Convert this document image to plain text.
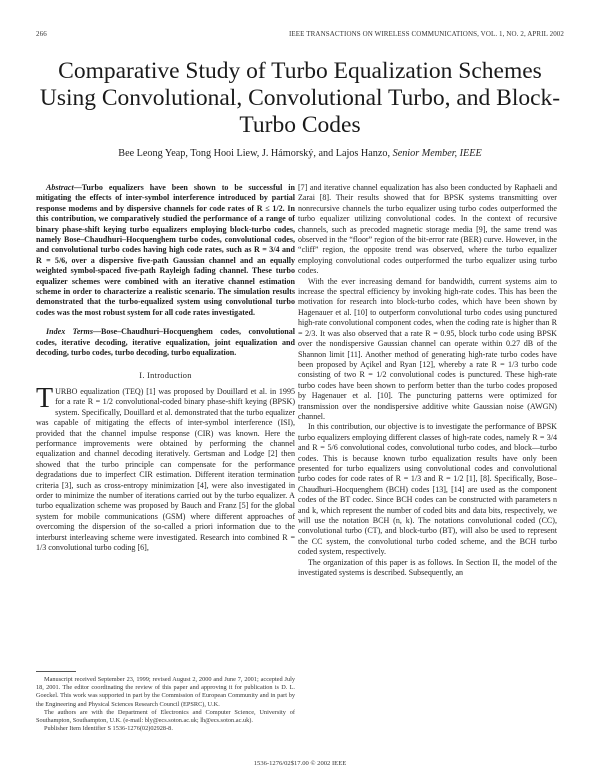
266	IEEE TRANSACTIONS ON WIRELESS COMMUNICATIONS, VOL. 1, NO. 2, APRIL 2002
Comparative Study of Turbo Equalization Schemes Using Convolutional, Convolutional Turbo, and Block-Turbo Codes
Bee Leong Yeap, Tong Hooi Liew, J. Hámorský, and Lajos Hanzo, Senior Member, IEEE

Abstract—Turbo equalizers have been shown to be successful in mitigating the effects of inter-symbol interference introduced by partial response modems and by dispersive channels for code rates of R ≤ 1/2. In this contribution, we comparatively studied the performance of a range of binary phase-shift keying turbo equalizers employing block-turbo codes, namely Bose–Chaudhuri–Hocquenghem turbo codes, convolutional codes, and convolutional turbo codes having high code rates, such as R = 3/4 and R = 5/6, over a dispersive five-path Gaussian channel and an equally weighted symbol-spaced five-path Rayleigh fading channel. These turbo equalizer schemes were combined with an iterative channel estimation scheme in order to characterize a realistic scenario. The simulation results demonstrated that the turbo-equalized system using convolutional turbo codes was the most robust system for all code rates investigated.

Index Terms—Bose–Chaudhuri–Hocquenghem codes, convolutional codes, iterative decoding, iterative equalization, joint equalization and decoding, turbo codes, turbo decoding, turbo equalization.

I. Introduction

TURBO equalization (TEQ) [1] was proposed by Douillard et al. in 1995 for a rate R = 1/2 convolutional-coded binary phase-shift keying (BPSK) system. Specifically, Douillard et al. demonstrated that the turbo equalizer was capable of mitigating the effects of inter-symbol interference (ISI), provided that the channel impulse response (CIR) was known. Here the performance improvements were obtained by performing the channel equalization and channel decoding iteratively. Gertsman and Lodge [2] then showed that the turbo principle can compensate for the performance degradations due to imperfect CIR estimation. Different iteration termination criteria [3], such as cross-entropy minimization [4], were also investigated in order to minimize the number of iterations carried out by the turbo equalizer. A turbo equalization scheme was proposed by Bauch and Franz [5] for the global system for mobile communications (GSM) where different approaches of overcoming the dispersion of the so-called a priori information due to the interburst interleaving scheme were investigated. Research into combined R = 1/3 convolutional turbo coding [6],

Manuscript received September 23, 1999; revised August 2, 2000 and June 7, 2001; accepted July 18, 2001. The editor coordinating the review of this paper and approving it for publication is D. L. Goeckel. This work was supported in part by the Commission of European Community and in part by the Engineering and Physical Sciences Research Council (EPSRC), U.K.

The authors are with the Department of Electronics and Computer Science, University of Southampton, Southampton, U.K. (e-mail: bly@ecs.soton.ac.uk; lh@ecs.soton.ac.uk).

Publisher Item Identifier S 1536-1276(02)02928-8.

[7] and iterative channel equalization has also been conducted by Raphaeli and Zarai [8]. Their results showed that for BPSK systems transmitting over nonrecursive channels the turbo equalizer using turbo codes outperformed the turbo equalizer utilizing convolutional codes. In the context of recursive channels, such as precoded magnetic storage media [9], the same trend was observed in the “floor” region of the bit-error rate (BER) curve. However, in the “cliff” region, the opposite trend was observed, where the turbo equalizer employing convolutional codes outperformed the turbo equalizer using turbo codes.

With the ever increasing demand for bandwidth, current systems aim to increase the spectral efficiency by invoking high-rate codes. This has been the motivation for research into block-turbo codes, which have been shown by Hagenauer et al. [10] to outperform convolutional turbo codes using punctured high-rate convolutional component codes, when the coding rate is higher than R = 2/3. It was also observed that a rate R = 0.95, block turbo code using BPSK over the nondispersive Gaussian channel can operate within 0.27 dB of the Shannon limit [11]. Another method of generating high-rate turbo codes have been proposed by Açikel and Ryan [12], whereby a rate R = 1/3 turbo code consisting of two R = 1/2 convolutional codes is punctured. These high-rate turbo codes have been shown to perform better than the turbo codes proposed by Hagenauer et al. [10]. The puncturing patterns were optimized for transmission over the nondispersive additive white Gaussian noise (AWGN) channel.

In this contribution, our objective is to investigate the performance of BPSK turbo equalizers employing different classes of high-rate codes, namely R = 3/4 and R = 5/6 convolutional codes, convolutional turbo codes, and block—turbo codes. This is because known turbo equalization results have only been presented for turbo equalizers using convolutional codes and convolutional turbo codes for code rates of R = 1/3 and R = 1/2 [1], [8]. Specifically, Bose–Chaudhuri–Hocquenghem (BCH) codes [13], [14] are used as the component codes of the BT codec. Since BCH codes can be constructed with parameters n and k, which represent the number of coded bits and data bits, respectively, we will use the notation BCH (n, k). The notations convolutional coded (CC), convolutional turbo (CT), and block-turbo (BT), will also be used to represent the CC system, the convolutional turbo coded scheme, and the BCH turbo coded system, respectively.

The organization of this paper is as follows. In Section II, the model of the investigated systems is described. Subsequently, an

1536-1276/02$17.00 © 2002 IEEE
